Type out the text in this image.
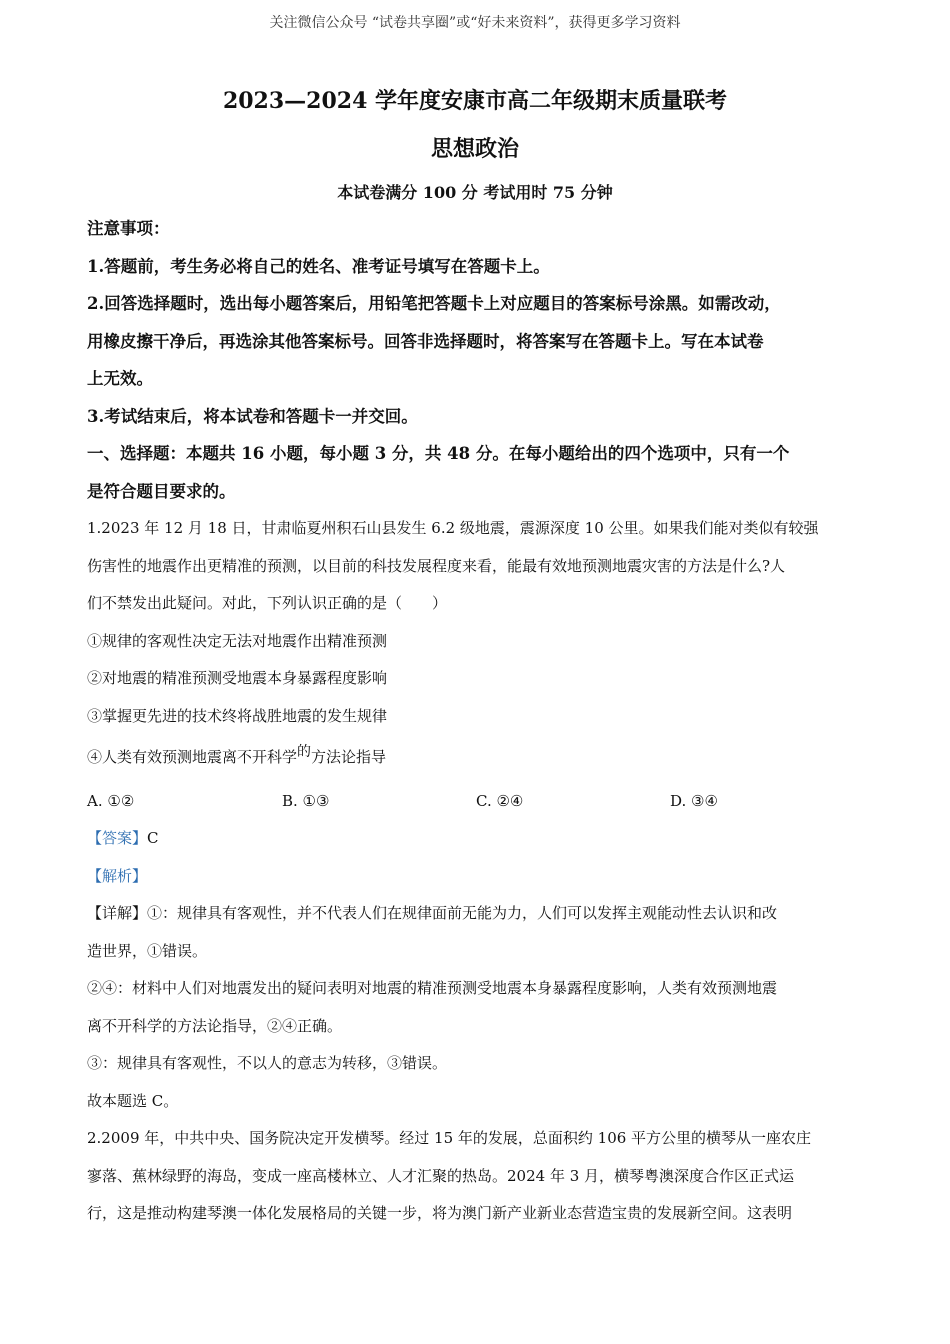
关注微信公众号 “试卷共享圈”或“好未来资料”，获得更多学习资料
2023—2024 学年度安康市高二年级期末质量联考
思想政治
本试卷满分 100 分 考试用时 75 分钟
注意事项：
1.答题前，考生务必将自己的姓名、准考证号填写在答题卡上。
2.回答选择题时，选出每小题答案后，用铅笔把答题卡上对应题目的答案标号涂黑。如需改动，
用橡皮擦干净后，再选涂其他答案标号。回答非选择题时，将答案写在答题卡上。写在本试卷
上无效。
3.考试结束后，将本试卷和答题卡一并交回。
一、选择题：本题共 16 小题，每小题 3 分，共 48 分。在每小题给出的四个选项中，只有一个
是符合题目要求的。
1.2023 年 12 月 18 日，甘肃临夏州积石山县发生 6.2 级地震，震源深度 10 公里。如果我们能对类似有较强
伤害性的地震作出更精准的预测，以目前的科技发展程度来看，能最有效地预测地震灾害的方法是什么?人
们不禁发出此疑问。对此，下列认识正确的是（　　）
①规律的客观性决定无法对地震作出精准预测
②对地震的精准预测受地震本身暴露程度影响
③掌握更先进的技术终将战胜地震的发生规律
④人类有效预测地震离不开科学$^的$方法论指导
A. ①②	B. ①③	C. ②④	D. ③④
【答案】C
【解析】
【详解】①：规律具有客观性，并不代表人们在规律面前无能为力，人们可以发挥主观能动性去认识和改
造世界，①错误。
②④：材料中人们对地震发出的疑问表明对地震的精准预测受地震本身暴露程度影响，人类有效预测地震
离不开科学的方法论指导，②④正确。
③：规律具有客观性，不以人的意志为转移，③错误。
故本题选 C。
2.2009 年，中共中央、国务院决定开发横琴。经过 15 年的发展，总面积约 106 平方公里的横琴从一座农庄
寥落、蕉林绿野的海岛，变成一座高楼林立、人才汇聚的热岛。2024 年 3 月，横琴粤澳深度合作区正式运
行，这是推动构建琴澳一体化发展格局的关键一步，将为澳门新产业新业态营造宝贵的发展新空间。这表明
